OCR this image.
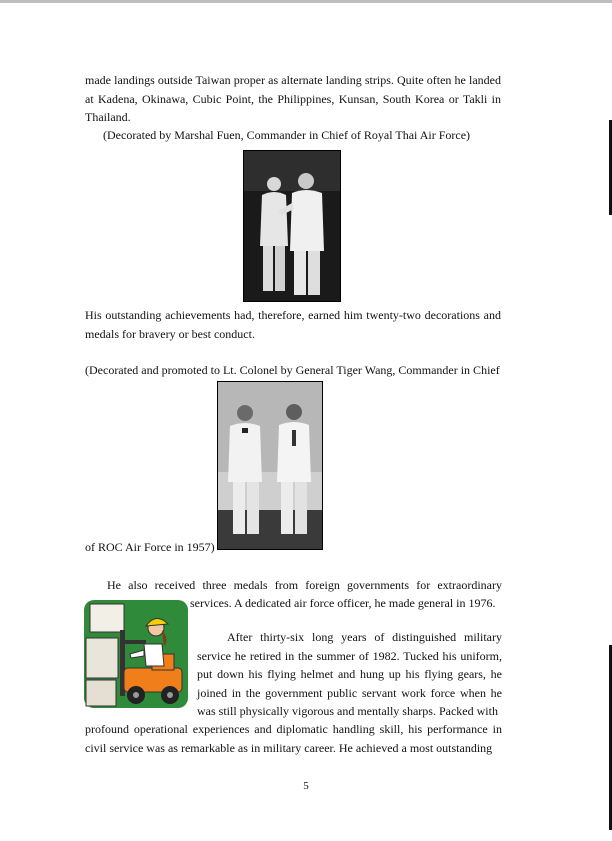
made landings outside Taiwan proper as alternate landing strips. Quite often he landed at Kadena, Okinawa, Cubic Point, the Philippines, Kunsan, South Korea or Takli in Thailand.

(Decorated by Marshal Fuen, Commander in Chief of Royal Thai Air Force)

His outstanding achievements had, therefore, earned him twenty-two decorations and medals for bravery or best conduct.

(Decorated and promoted to Lt. Colonel by General Tiger Wang, Commander in Chief

of ROC Air Force in 1957)

He also received three medals from foreign governments for extraordinary

services. A dedicated air force officer, he made general in 1976.

After thirty-six long years of distinguished military service he retired in the summer of 1982. Tucked his uniform, put down his flying helmet and hung up his flying gears, he joined in the government public servant work force when he was still physically vigorous and mentally sharps. Packed with

profound operational experiences and diplomatic handling skill, his performance in civil service was as remarkable as in military career. He achieved a most outstanding

5
